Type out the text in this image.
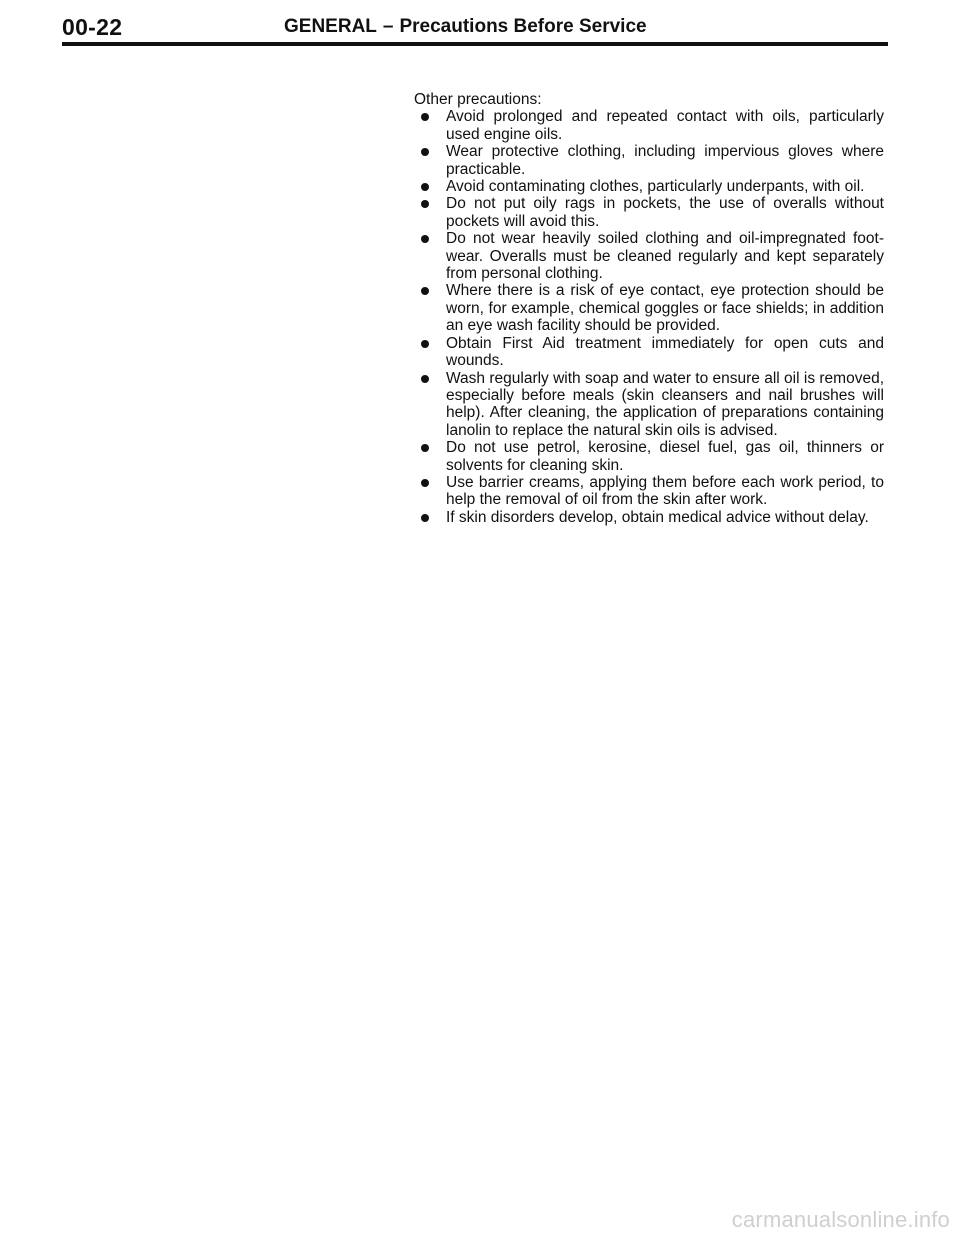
00-22	GENERAL – Precautions Before Service

Other precautions:

Avoid prolonged and repeated contact with oils, particularly used engine oils.
Wear protective clothing, including impervious gloves where practicable.
Avoid contaminating clothes, particularly underpants, with oil.
Do not put oily rags in pockets, the use of overalls without pockets will avoid this.
Do not wear heavily soiled clothing and oil-impregnated foot-wear. Overalls must be cleaned regularly and kept separately from personal clothing.
Where there is a risk of eye contact, eye protection should be worn, for example, chemical goggles or face shields; in addition an eye wash facility should be provided.
Obtain First Aid treatment immediately for open cuts and wounds.
Wash regularly with soap and water to ensure all oil is removed, especially before meals (skin cleansers and nail brushes will help). After cleaning, the application of preparations containing lanolin to replace the natural skin oils is advised.
Do not use petrol, kerosine, diesel fuel, gas oil, thinners or solvents for cleaning skin.
Use barrier creams, applying them before each work period, to help the removal of oil from the skin after work.
If skin disorders develop, obtain medical advice without delay.
carmanualsonline.info
